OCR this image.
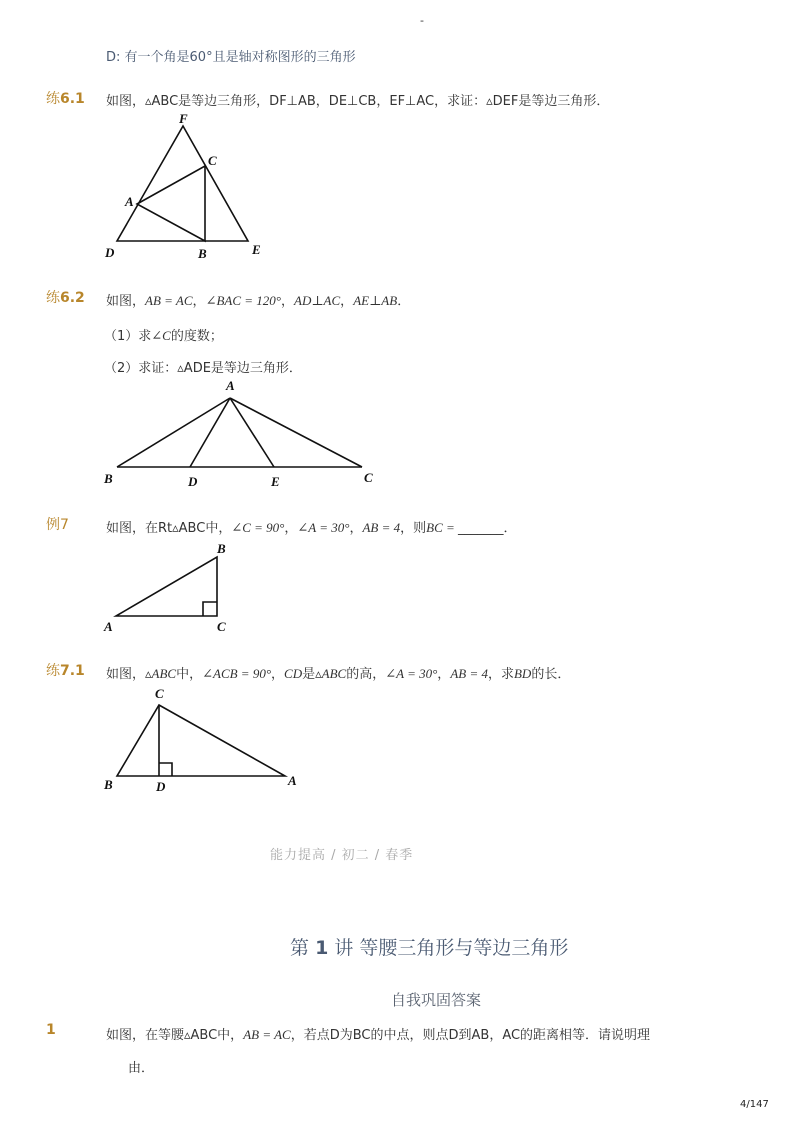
-
D: 有一个角是60°且是轴对称图形的三角形
练6.1 如图，▵ABC是等边三角形，DF⊥AB，DE⊥CB，EF⊥AC，求证：▵DEF是等边三角形．
F
C
A
D	B	E
练6.2 如图，AB = AC，∠BAC = 120°，AD⊥AC，AE⊥AB．
（1）求∠C的度数；
（2）求证：▵ADE是等边三角形．
A
B	D	E	C
例7	如图，在Rt▵ABC中，∠C = 90°，∠A = 30°，AB = 4，则BC = _______．
B
A	C
练7.1 如图，▵ABC中，∠ACB = 90°，CD是▵ABC的高，∠A = 30°，AB = 4，求BD的长．
C
B	D	A
能力提高 / 初二 / 春季
第 1 讲 等腰三角形与等边三角形
自我巩固答案
1	如图，在等腰▵ABC中，AB = AC，若点D为BC的中点，则点D到AB，AC的距离相等．请说明理
由．
4/147
